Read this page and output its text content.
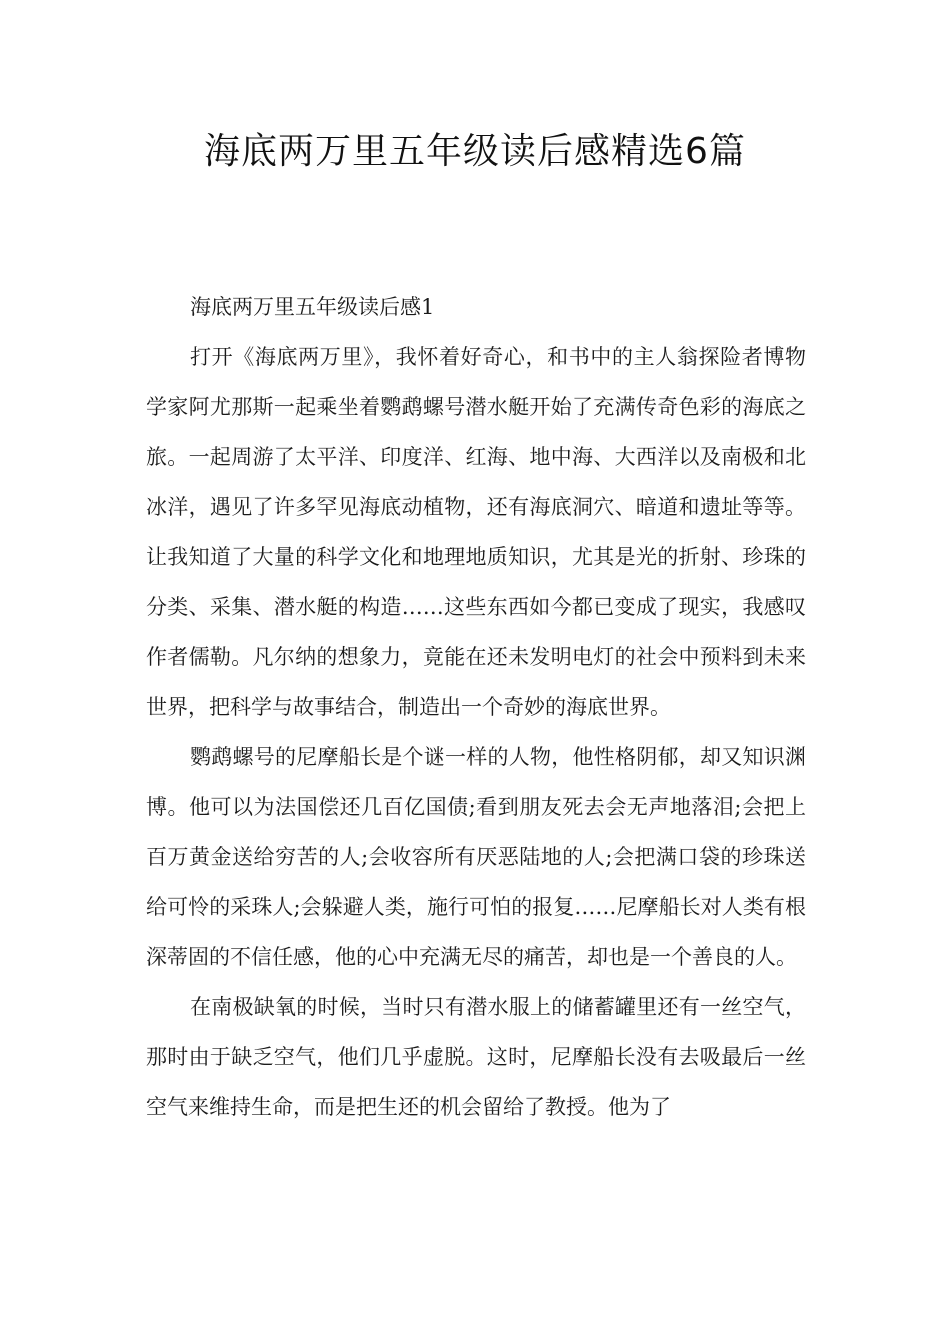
海底两万里五年级读后感精选6篇

海底两万里五年级读后感1

打开《海底两万里》，我怀着好奇心，和书中的主人翁探险者博物学家阿尤那斯一起乘坐着鹦鹉螺号潜水艇开始了充满传奇色彩的海底之旅。一起周游了太平洋、印度洋、红海、地中海、大西洋以及南极和北冰洋，遇见了许多罕见海底动植物，还有海底洞穴、暗道和遗址等等。让我知道了大量的科学文化和地理地质知识，尤其是光的折射、珍珠的分类、采集、潜水艇的构造……这些东西如今都已变成了现实，我感叹作者儒勒。凡尔纳的想象力，竟能在还未发明电灯的社会中预料到未来世界，把科学与故事结合，制造出一个奇妙的海底世界。

鹦鹉螺号的尼摩船长是个谜一样的人物，他性格阴郁，却又知识渊博。他可以为法国偿还几百亿国债;看到朋友死去会无声地落泪;会把上百万黄金送给穷苦的人;会收容所有厌恶陆地的人;会把满口袋的珍珠送给可怜的采珠人;会躲避人类，施行可怕的报复……尼摩船长对人类有根深蒂固的不信任感，他的心中充满无尽的痛苦，却也是一个善良的人。

在南极缺氧的时候，当时只有潜水服上的储蓄罐里还有一丝空气，那时由于缺乏空气，他们几乎虚脱。这时，尼摩船长没有去吸最后一丝空气来维持生命，而是把生还的机会留给了教授。他为了
